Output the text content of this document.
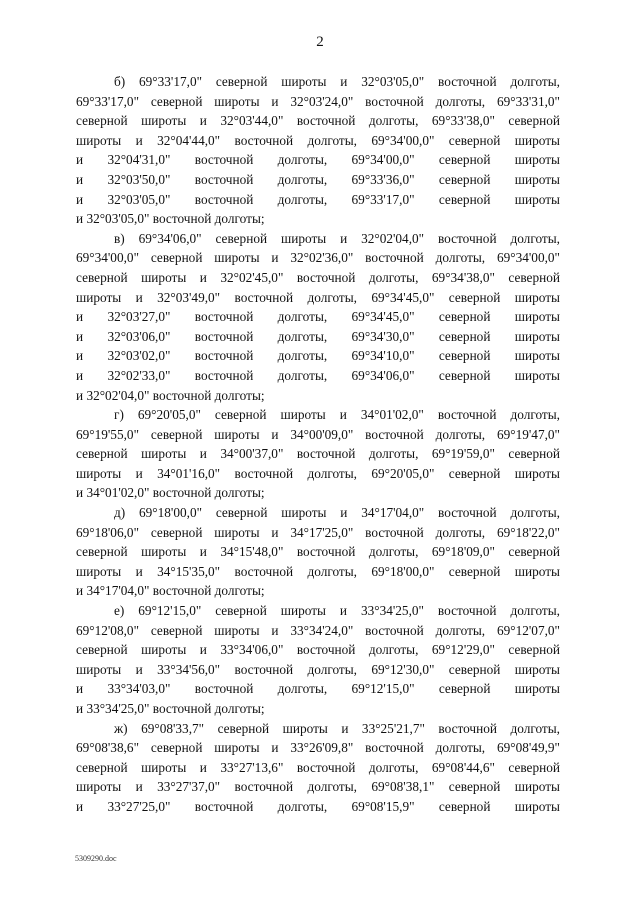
2
б) 69°33'17,0" северной широты и 32°03'05,0" восточной долготы,
69°33'17,0" северной широты и 32°03'24,0" восточной долготы, 69°33'31,0"
северной широты и 32°03'44,0" восточной долготы, 69°33'38,0" северной
широты и 32°04'44,0" восточной долготы, 69°34'00,0" северной широты
и 32°04'31,0" восточной долготы, 69°34'00,0" северной широты
и 32°03'50,0" восточной долготы, 69°33'36,0" северной широты
и 32°03'05,0" восточной долготы, 69°33'17,0" северной широты
и 32°03'05,0" восточной долготы;
в) 69°34'06,0" северной широты и 32°02'04,0" восточной долготы,
69°34'00,0" северной широты и 32°02'36,0" восточной долготы, 69°34'00,0"
северной широты и 32°02'45,0" восточной долготы, 69°34'38,0" северной
широты и 32°03'49,0" восточной долготы, 69°34'45,0" северной широты
и 32°03'27,0" восточной долготы, 69°34'45,0" северной широты
и 32°03'06,0" восточной долготы, 69°34'30,0" северной широты
и 32°03'02,0" восточной долготы, 69°34'10,0" северной широты
и 32°02'33,0" восточной долготы, 69°34'06,0" северной широты
и 32°02'04,0" восточной долготы;
г) 69°20'05,0" северной широты и 34°01'02,0" восточной долготы,
69°19'55,0" северной широты и 34°00'09,0" восточной долготы, 69°19'47,0"
северной широты и 34°00'37,0" восточной долготы, 69°19'59,0" северной
широты и 34°01'16,0" восточной долготы, 69°20'05,0" северной широты
и 34°01'02,0" восточной долготы;
д) 69°18'00,0" северной широты и 34°17'04,0" восточной долготы,
69°18'06,0" северной широты и 34°17'25,0" восточной долготы, 69°18'22,0"
северной широты и 34°15'48,0" восточной долготы, 69°18'09,0" северной
широты и 34°15'35,0" восточной долготы, 69°18'00,0" северной широты
и 34°17'04,0" восточной долготы;
е) 69°12'15,0" северной широты и 33°34'25,0" восточной долготы,
69°12'08,0" северной широты и 33°34'24,0" восточной долготы, 69°12'07,0"
северной широты и 33°34'06,0" восточной долготы, 69°12'29,0" северной
широты и 33°34'56,0" восточной долготы, 69°12'30,0" северной широты
и 33°34'03,0" восточной долготы, 69°12'15,0" северной широты
и 33°34'25,0" восточной долготы;
ж) 69°08'33,7" северной широты и 33°25'21,7" восточной долготы,
69°08'38,6" северной широты и 33°26'09,8" восточной долготы, 69°08'49,9"
северной широты и 33°27'13,6" восточной долготы, 69°08'44,6" северной
широты и 33°27'37,0" восточной долготы, 69°08'38,1" северной широты
и 33°27'25,0" восточной долготы, 69°08'15,9" северной широты
5309290.doc
